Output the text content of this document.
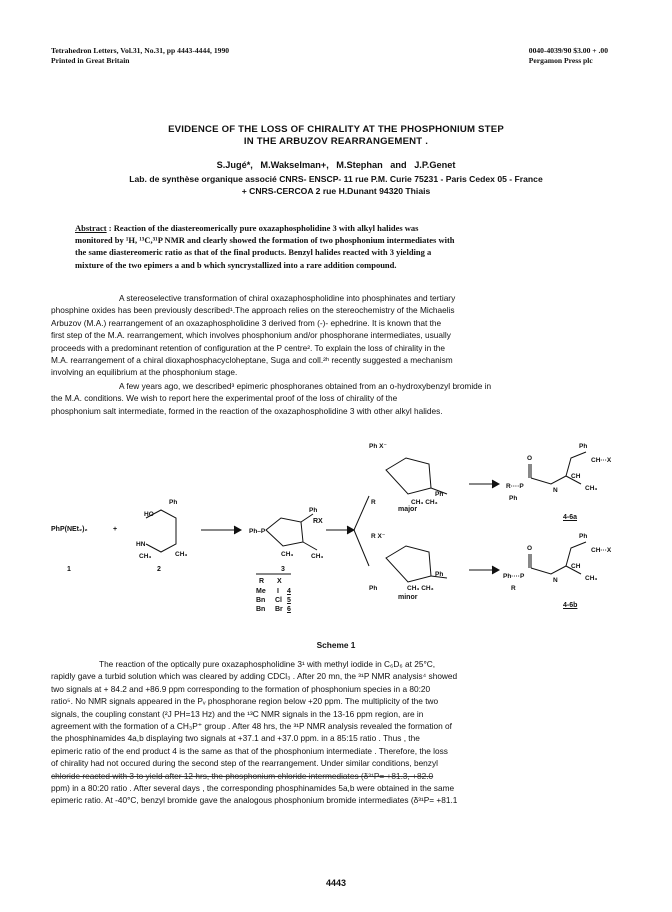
Tetrahedron Letters, Vol.31, No.31, pp 4443-4444, 1990
Printed in Great Britain
0040-4039/90 $3.00 + .00
Pergamon Press plc
EVIDENCE OF THE LOSS OF CHIRALITY AT THE PHOSPHONIUM STEP
IN THE ARBUZOV REARRANGEMENT .
S.Jugé*, M.Wakselman+, M.Stephan and J.P.Genet
Lab. de synthèse organique associé CNRS- ENSCP- 11 rue P.M. Curie 75231 - Paris Cedex 05 - France
+ CNRS-CERCOA 2 rue H.Dunant 94320 Thiais

Abstract : Reaction of the diastereomerically pure oxazaphospholidine 3 with alkyl halides was

monitored by ¹H, ¹³C,³¹P NMR and clearly showed the formation of two phosphonium intermediates with

the same diastereomeric ratio as that of the final products. Benzyl halides reacted with 3 yielding a

mixture of the two epimers a and b which syncrystallized into a rare addition compound.

A stereoselective transformation of chiral oxazaphospholidine into phosphinates and tertiary
phosphine oxides has been previously described¹.The approach relies on the stereochemistry of the Michaelis
Arbuzov (M.A.) rearrangement of an oxazaphospholidine 3 derived from (-)- ephedrine. It is known that the
first step of the M.A. rearrangement, which involves phosphonium and/or phosphorane intermediates, usually
proceeds with a predominant retention of configuration at the P centre². To explain the loss of chirality in the
M.A. rearrangement of a chiral dioxaphosphacycloheptane, Suga and coll.²ʰ recently suggested a mechanism
involving an equilibrium at the phosphonium stage.
A few years ago, we described³ epimeric phosphoranes obtained from an o-hydroxybenzyl bromide in
the M.A. conditions. We wish to report here the experimental proof of the loss of chirality of the
phosphonium salt intermediate, formed in the reaction of the oxazaphospholidine 3 with other alkyl halides.
HO
Ph
HN
CH₃	CH₃
Ph–P
Ph
CH₃	CH₃
Ph X⁻
Ph
R	CH₃ CH₃
R X⁻
Ph
Ph	CH₃ CH₃
O
R····P
Ph
N
Ph
CH···X
CH
CH₃
O
Ph····P
R
N
Ph
CH···X
CH
CH₃
PhP(NEt₂)₂	+
RX
1	2	3
major
minor
4-6a
4-6b
R X
Me I 4
Bn Cl 5
Bn Br 6
Scheme 1
The reaction of the optically pure oxazaphospholidine 3¹ with methyl iodide in C₆D₆ at 25°C,
rapidly gave a turbid solution which was cleared by adding CDCl₃ . After 20 mn, the ³¹P NMR analysis⁴ showed
two signals at + 84.2 and +86.9 ppm corresponding to the formation of phosphonium species in a 80:20
ratio⁵. No NMR signals appeared in the Pᵥ phosphorane region below +20 ppm. The multiplicity of the two
signals, the coupling constant (²J PH=13 Hz) and the ¹³C NMR signals in the 13-16 ppm region, are in
agreement with the formation of a CH₃P⁺ group . After 48 hrs, the ³¹P NMR analysis revealed the formation of
the phosphinamides 4a,b displaying two signals at +37.1 and +37.0 ppm. in a 85:15 ratio . Thus , the
epimeric ratio of the end product 4 is the same as that of the phosphonium intermediate . Therefore, the loss
of chirality had not occured during the second step of the rearrangement. Under similar conditions, benzyl
chloride reacted with 3 to yield after 12 hrs, the phosphonium chloride intermediates (δ³¹P= +81.3, +82.0
ppm) in a 80:20 ratio . After several days , the corresponding phosphinamides 5a,b were obtained in the same
epimeric ratio. At -40°C, benzyl bromide gave the analogous phosphonium bromide intermediates (δ³¹P= +81.1
4443
